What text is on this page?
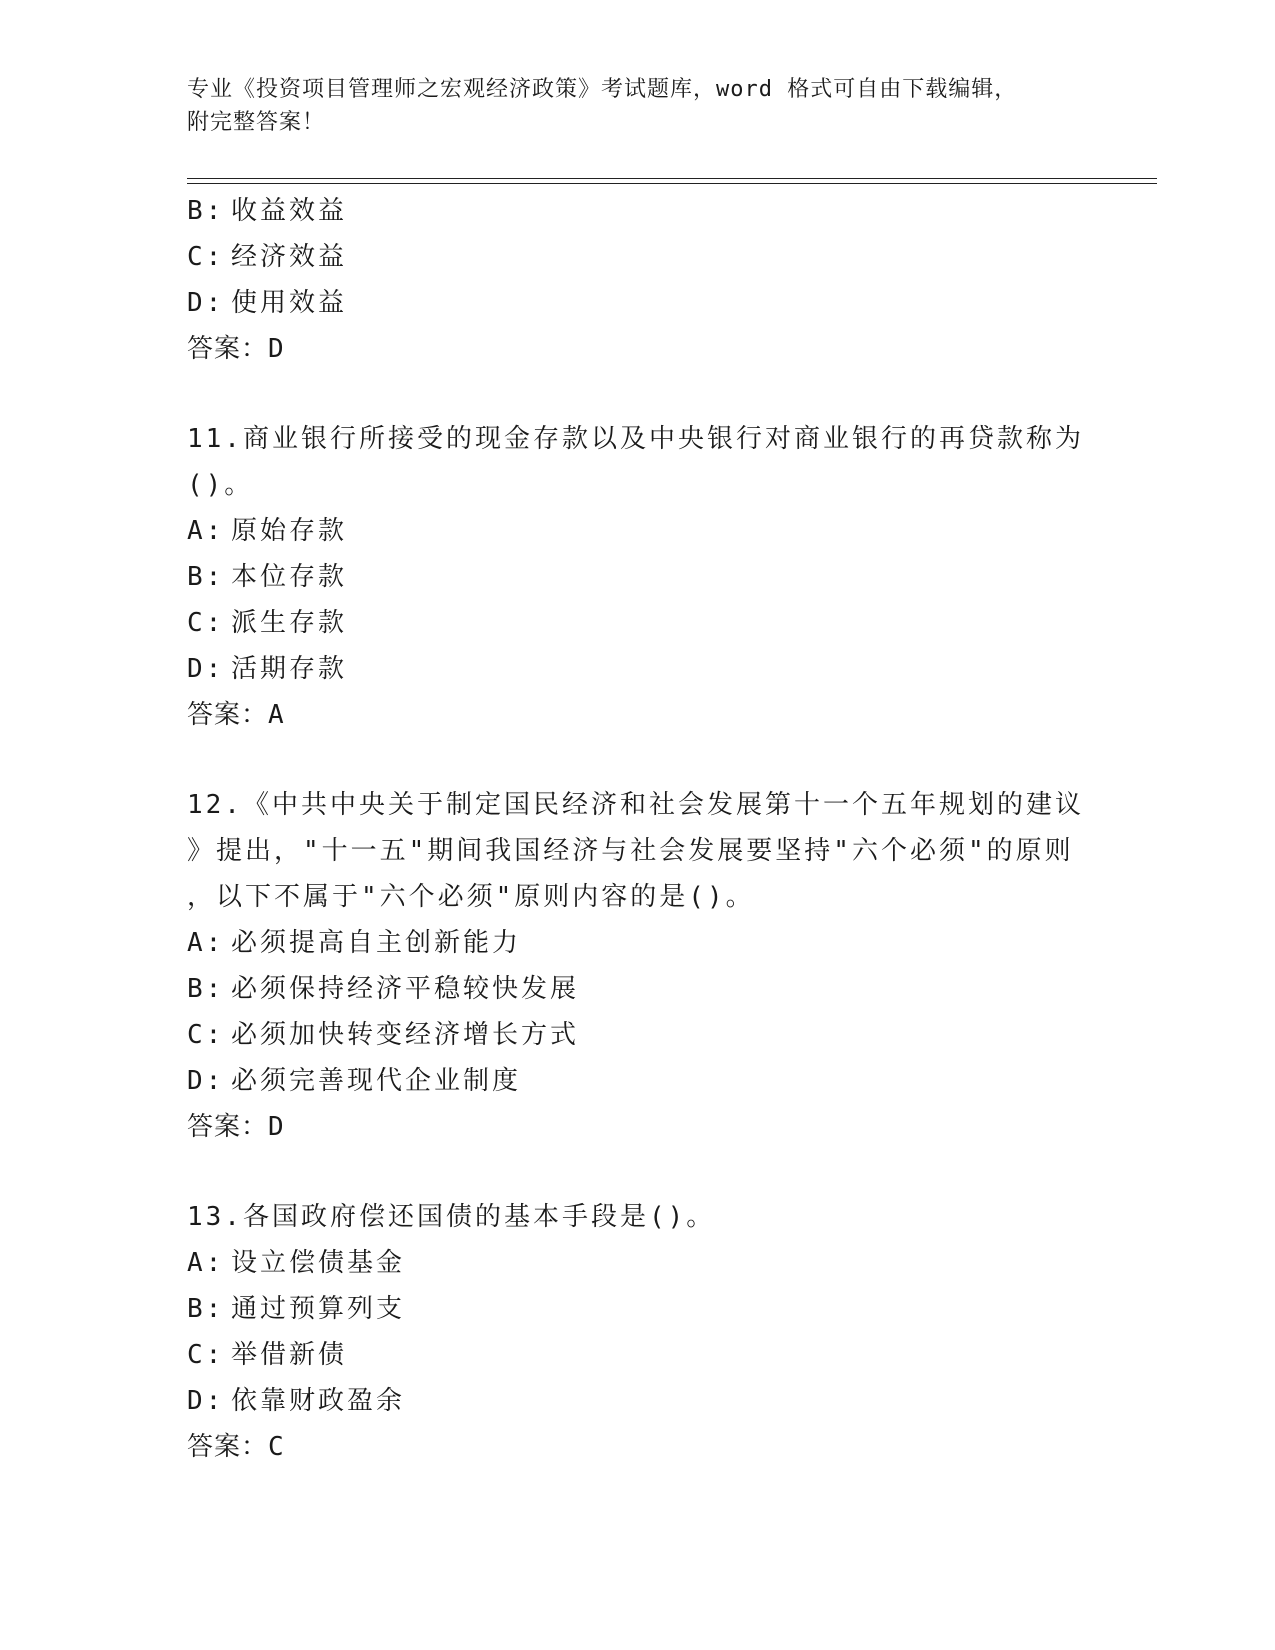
专业《投资项目管理师之宏观经济政策》考试题库，word 格式可自由下载编辑，
附完整答案！
B: 收益效益
C: 经济效益
D: 使用效益
答案：D
11.商业银行所接受的现金存款以及中央银行对商业银行的再贷款称为
()。
A: 原始存款
B: 本位存款
C: 派生存款
D: 活期存款
答案：A
12.《中共中央关于制定国民经济和社会发展第十一个五年规划的建议
》提出，"十一五"期间我国经济与社会发展要坚持"六个必须"的原则
，以下不属于"六个必须"原则内容的是()。
A: 必须提高自主创新能力
B: 必须保持经济平稳较快发展
C: 必须加快转变经济增长方式
D: 必须完善现代企业制度
答案：D
13.各国政府偿还国债的基本手段是()。
A: 设立偿债基金
B: 通过预算列支
C: 举借新债
D: 依靠财政盈余
答案：C
